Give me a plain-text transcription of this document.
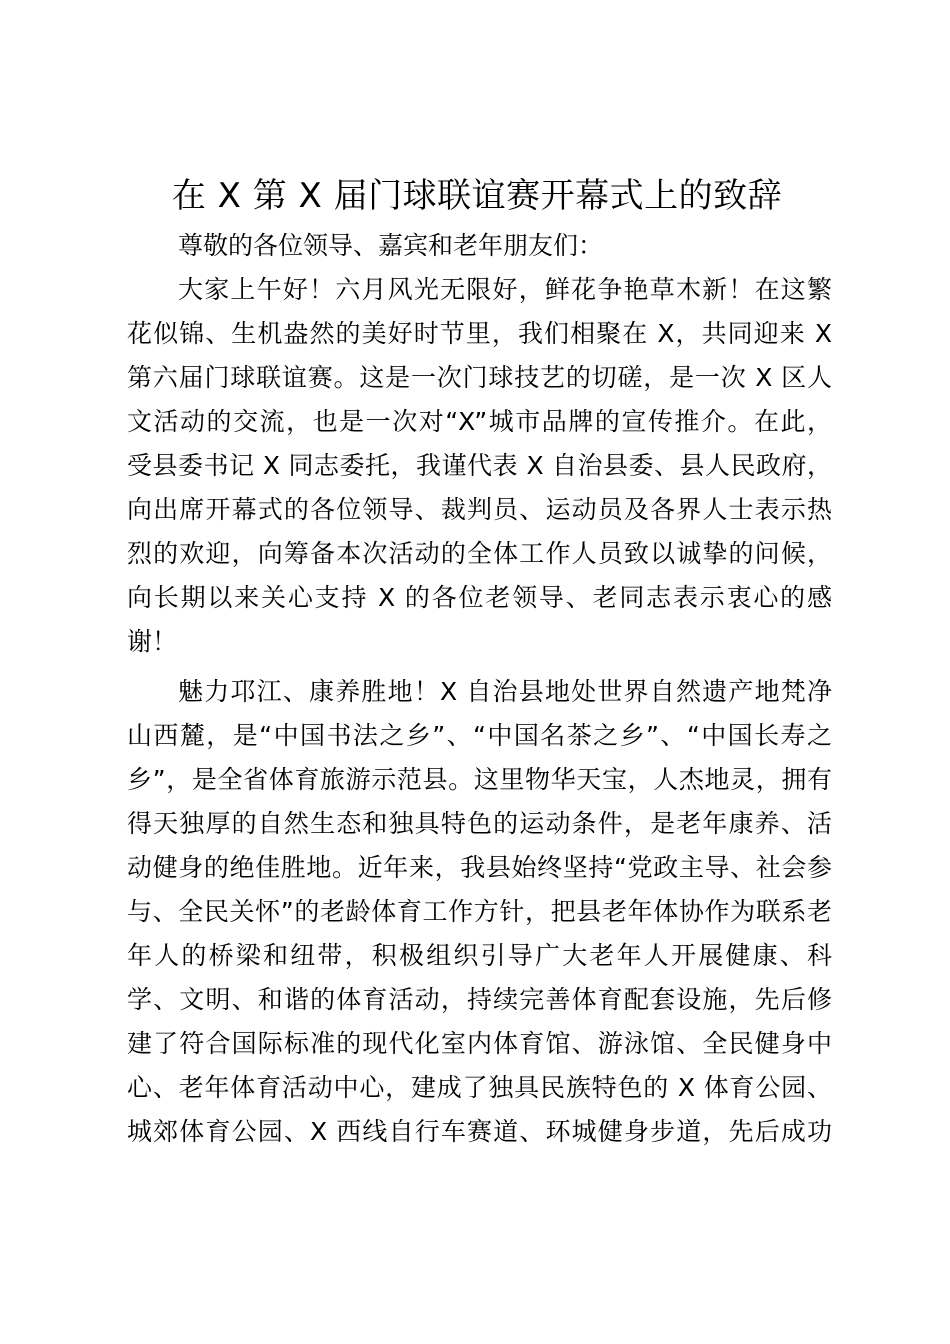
在 X 第 X 届门球联谊赛开幕式上的致辞
尊敬的各位领导、嘉宾和老年朋友们：
大家上午好！六月风光无限好，鲜花争艳草木新！在这繁
花似锦、生机盎然的美好时节里，我们相聚在 X，共同迎来 X
第六届门球联谊赛。这是一次门球技艺的切磋，是一次 X 区人
文活动的交流，也是一次对“X”城市品牌的宣传推介。在此，
受县委书记 X 同志委托，我谨代表 X 自治县委、县人民政府，
向出席开幕式的各位领导、裁判员、运动员及各界人士表示热
烈的欢迎，向筹备本次活动的全体工作人员致以诚挚的问候，
向长期以来关心支持 X 的各位老领导、老同志表示衷心的感
谢！
魅力邛江、康养胜地！X 自治县地处世界自然遗产地梵净
山西麓，是“中国书法之乡”、“中国名茶之乡”、“中国长寿之
乡”，是全省体育旅游示范县。这里物华天宝，人杰地灵，拥有
得天独厚的自然生态和独具特色的运动条件，是老年康养、活
动健身的绝佳胜地。近年来，我县始终坚持“党政主导、社会参
与、全民关怀”的老龄体育工作方针，把县老年体协作为联系老
年人的桥梁和纽带，积极组织引导广大老年人开展健康、科
学、文明、和谐的体育活动，持续完善体育配套设施，先后修
建了符合国际标准的现代化室内体育馆、游泳馆、全民健身中
心、老年体育活动中心，建成了独具民族特色的 X 体育公园、
城郊体育公园、X 西线自行车赛道、环城健身步道，先后成功
